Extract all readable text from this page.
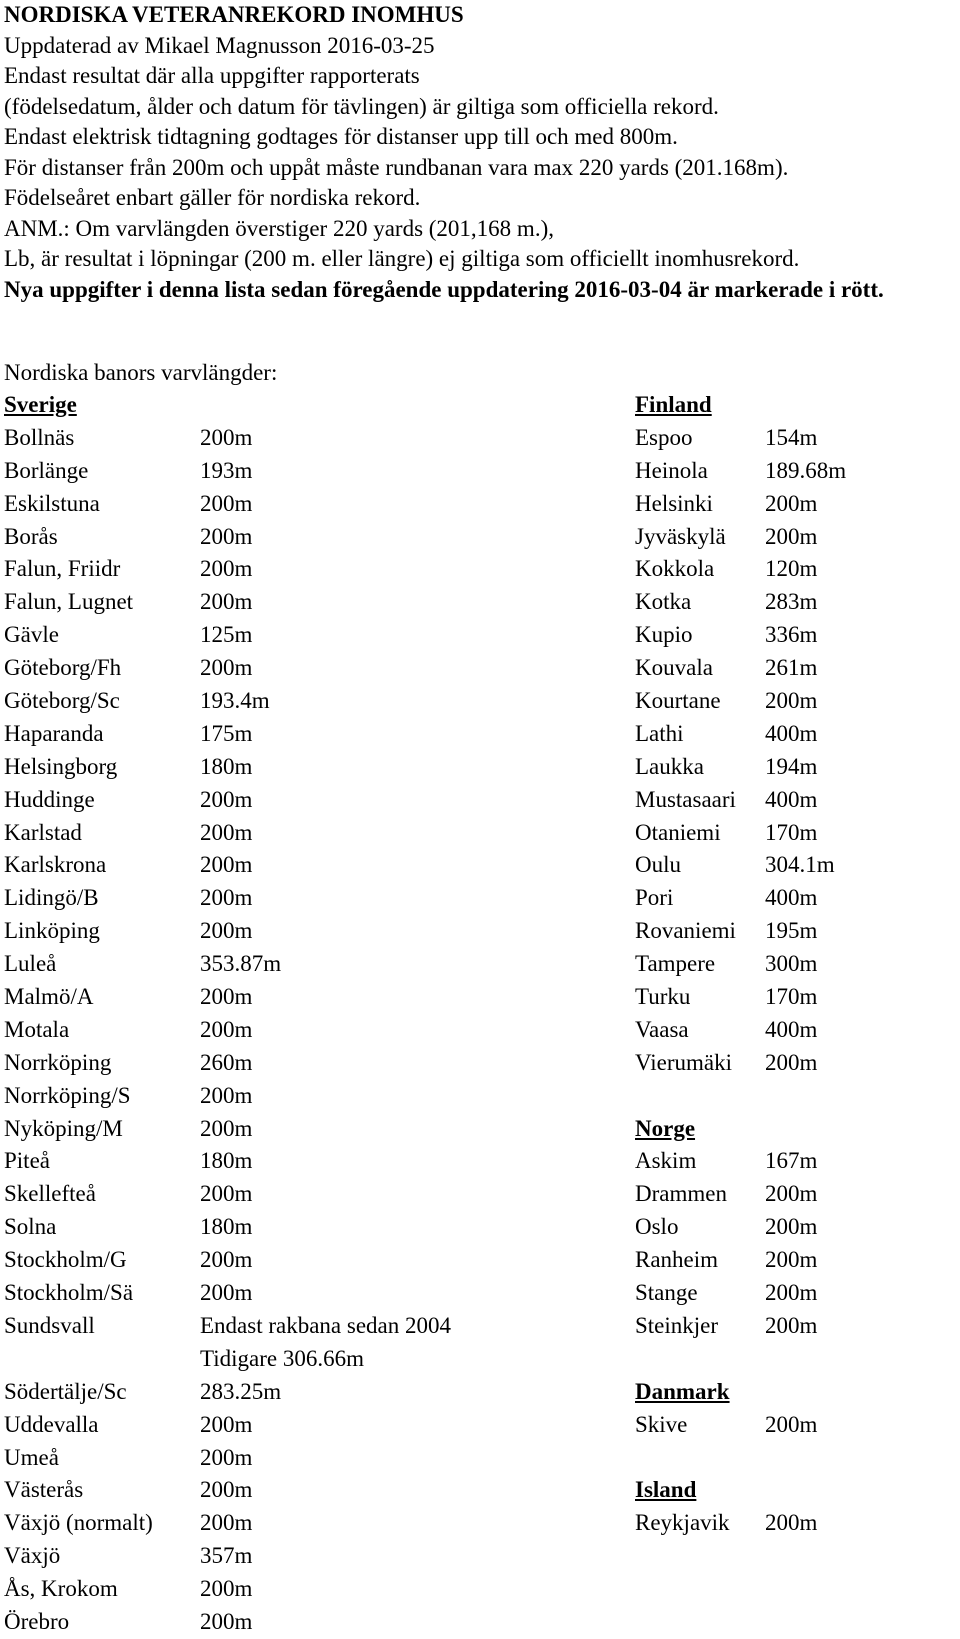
NORDISKA VETERANREKORD INOMHUS
Uppdaterad av Mikael Magnusson 2016-03-25
Endast resultat där alla uppgifter rapporterats
(födelsedatum, ålder och datum för tävlingen) är giltiga som officiella rekord.
Endast elektrisk tidtagning godtages för distanser upp till och med 800m.
För distanser från 200m och uppåt måste rundbanan vara max 220 yards (201.168m).
Födelseåret enbart gäller för nordiska rekord.
ANM.: Om varvlängden överstiger 220 yards (201,168 m.),
Lb, är resultat i löpningar (200 m. eller längre) ej giltiga som officiellt inomhusrekord.
Nya uppgifter i denna lista sedan föregående uppdatering 2016-03-04 är markerade i rött.
Nordiska banors varvlängder:
Sverige
Bollnäs	200m
Borlänge	193m
Eskilstuna	200m
Borås	200m
Falun, Friidr	200m
Falun, Lugnet	200m
Gävle	125m
Göteborg/Fh	200m
Göteborg/Sc	193.4m
Haparanda	175m
Helsingborg	180m
Huddinge	200m
Karlstad	200m
Karlskrona	200m
Lidingö/B	200m
Linköping	200m
Luleå	353.87m
Malmö/A	200m
Motala	200m
Norrköping	260m
Norrköping/S	200m
Nyköping/M	200m
Piteå	180m
Skellefteå	200m
Solna	180m
Stockholm/G	200m
Stockholm/Sä	200m
Sundsvall	Endast rakbana sedan 2004
Tidigare 306.66m
Södertälje/Sc	283.25m
Uddevalla	200m
Umeå	200m
Västerås	200m
Växjö (normalt) 200m
Växjö	357m
Ås, Krokom	200m
Örebro	200m
Finland
Espoo	154m
Heinola 189.68m
Helsinki 200m
Jyväskylä 200m
Kokkola 120m
Kotka	283m
Kupio	336m
Kouvala 261m
Kourtane 200m
Lathi	400m
Laukka	194m
Mustasaari 400m
Otaniemi 170m
Oulu	304.1m
Pori	400m
Rovaniemi 195m
Tampere 300m
Turku	170m
Vaasa	400m
Vierumäki 200m
Norge
Askim	167m
Drammen 200m
Oslo	200m
Ranheim 200m
Stange	200m
Steinkjer 200m
Danmark
Skive	200m
Island
Reykjavik 200m
